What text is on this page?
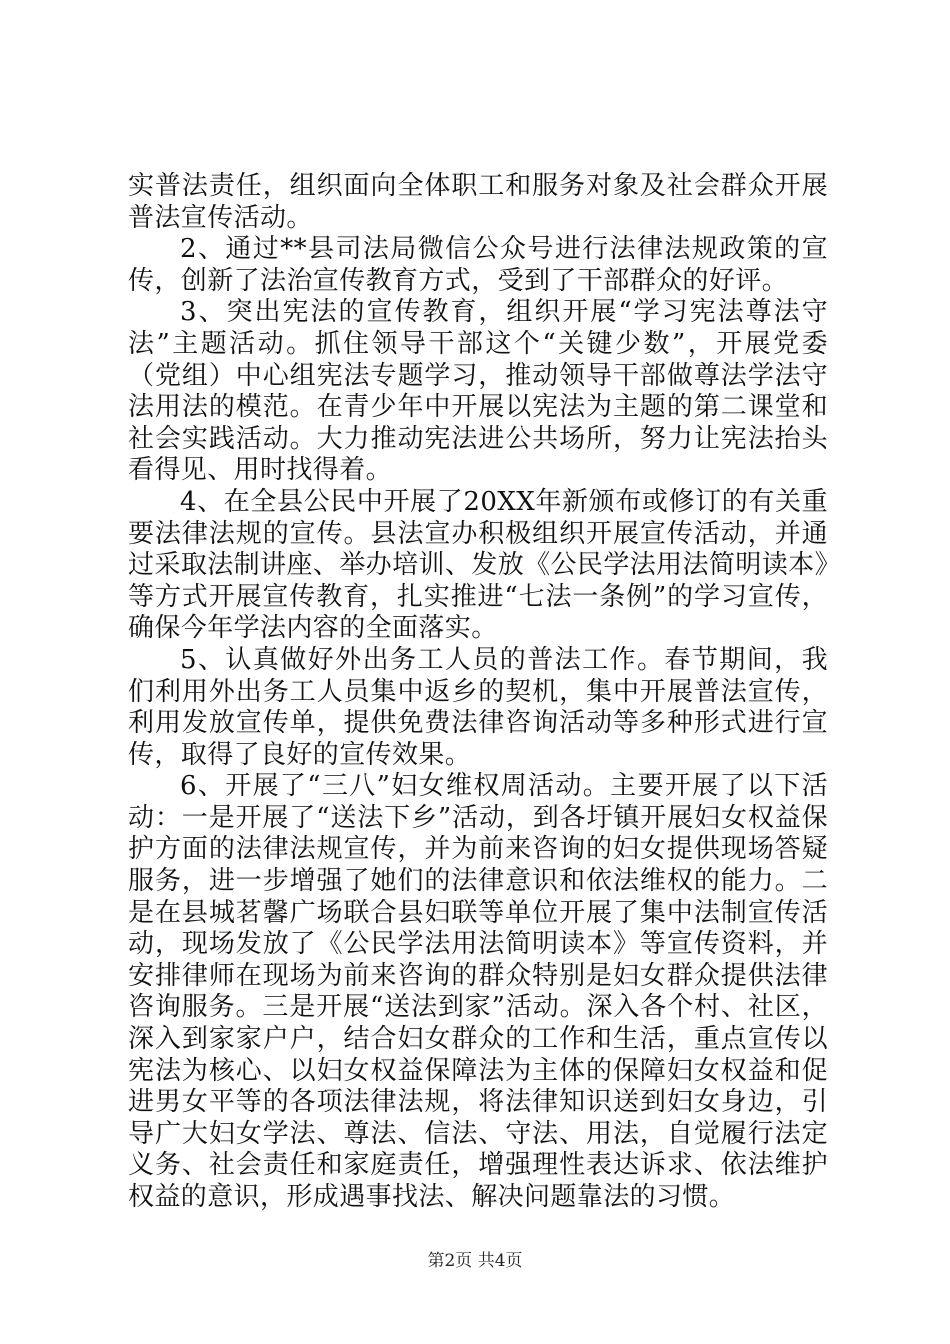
实普法责任，组织面向全体职工和服务对象及社会群众开展普法宣传活动。

2、通过**县司法局微信公众号进行法律法规政策的宣传，创新了法治宣传教育方式，受到了干部群众的好评。

3、突出宪法的宣传教育，组织开展“学习宪法尊法守法”主题活动。抓住领导干部这个“关键少数”，开展党委（党组）中心组宪法专题学习，推动领导干部做尊法学法守法用法的模范。在青少年中开展以宪法为主题的第二课堂和社会实践活动。大力推动宪法进公共场所，努力让宪法抬头看得见、用时找得着。

4、在全县公民中开展了20XX年新颁布或修订的有关重要法律法规的宣传。县法宣办积极组织开展宣传活动，并通过采取法制讲座、举办培训、发放《公民学法用法简明读本》等方式开展宣传教育，扎实推进“七法一条例”的学习宣传，确保今年学法内容的全面落实。

5、认真做好外出务工人员的普法工作。春节期间，我们利用外出务工人员集中返乡的契机，集中开展普法宣传，利用发放宣传单，提供免费法律咨询活动等多种形式进行宣传，取得了良好的宣传效果。

6、开展了“三八”妇女维权周活动。主要开展了以下活动：一是开展了“送法下乡”活动，到各圩镇开展妇女权益保护方面的法律法规宣传，并为前来咨询的妇女提供现场答疑服务，进一步增强了她们的法律意识和依法维权的能力。二是在县城茗馨广场联合县妇联等单位开展了集中法制宣传活动，现场发放了《公民学法用法简明读本》等宣传资料，并安排律师在现场为前来咨询的群众特别是妇女群众提供法律咨询服务。三是开展“送法到家”活动。深入各个村、社区，深入到家家户户，结合妇女群众的工作和生活，重点宣传以宪法为核心、以妇女权益保障法为主体的保障妇女权益和促进男女平等的各项法律法规，将法律知识送到妇女身边，引导广大妇女学法、尊法、信法、守法、用法，自觉履行法定义务、社会责任和家庭责任，增强理性表达诉求、依法维护权益的意识，形成遇事找法、解决问题靠法的习惯。

第2页 共4页
